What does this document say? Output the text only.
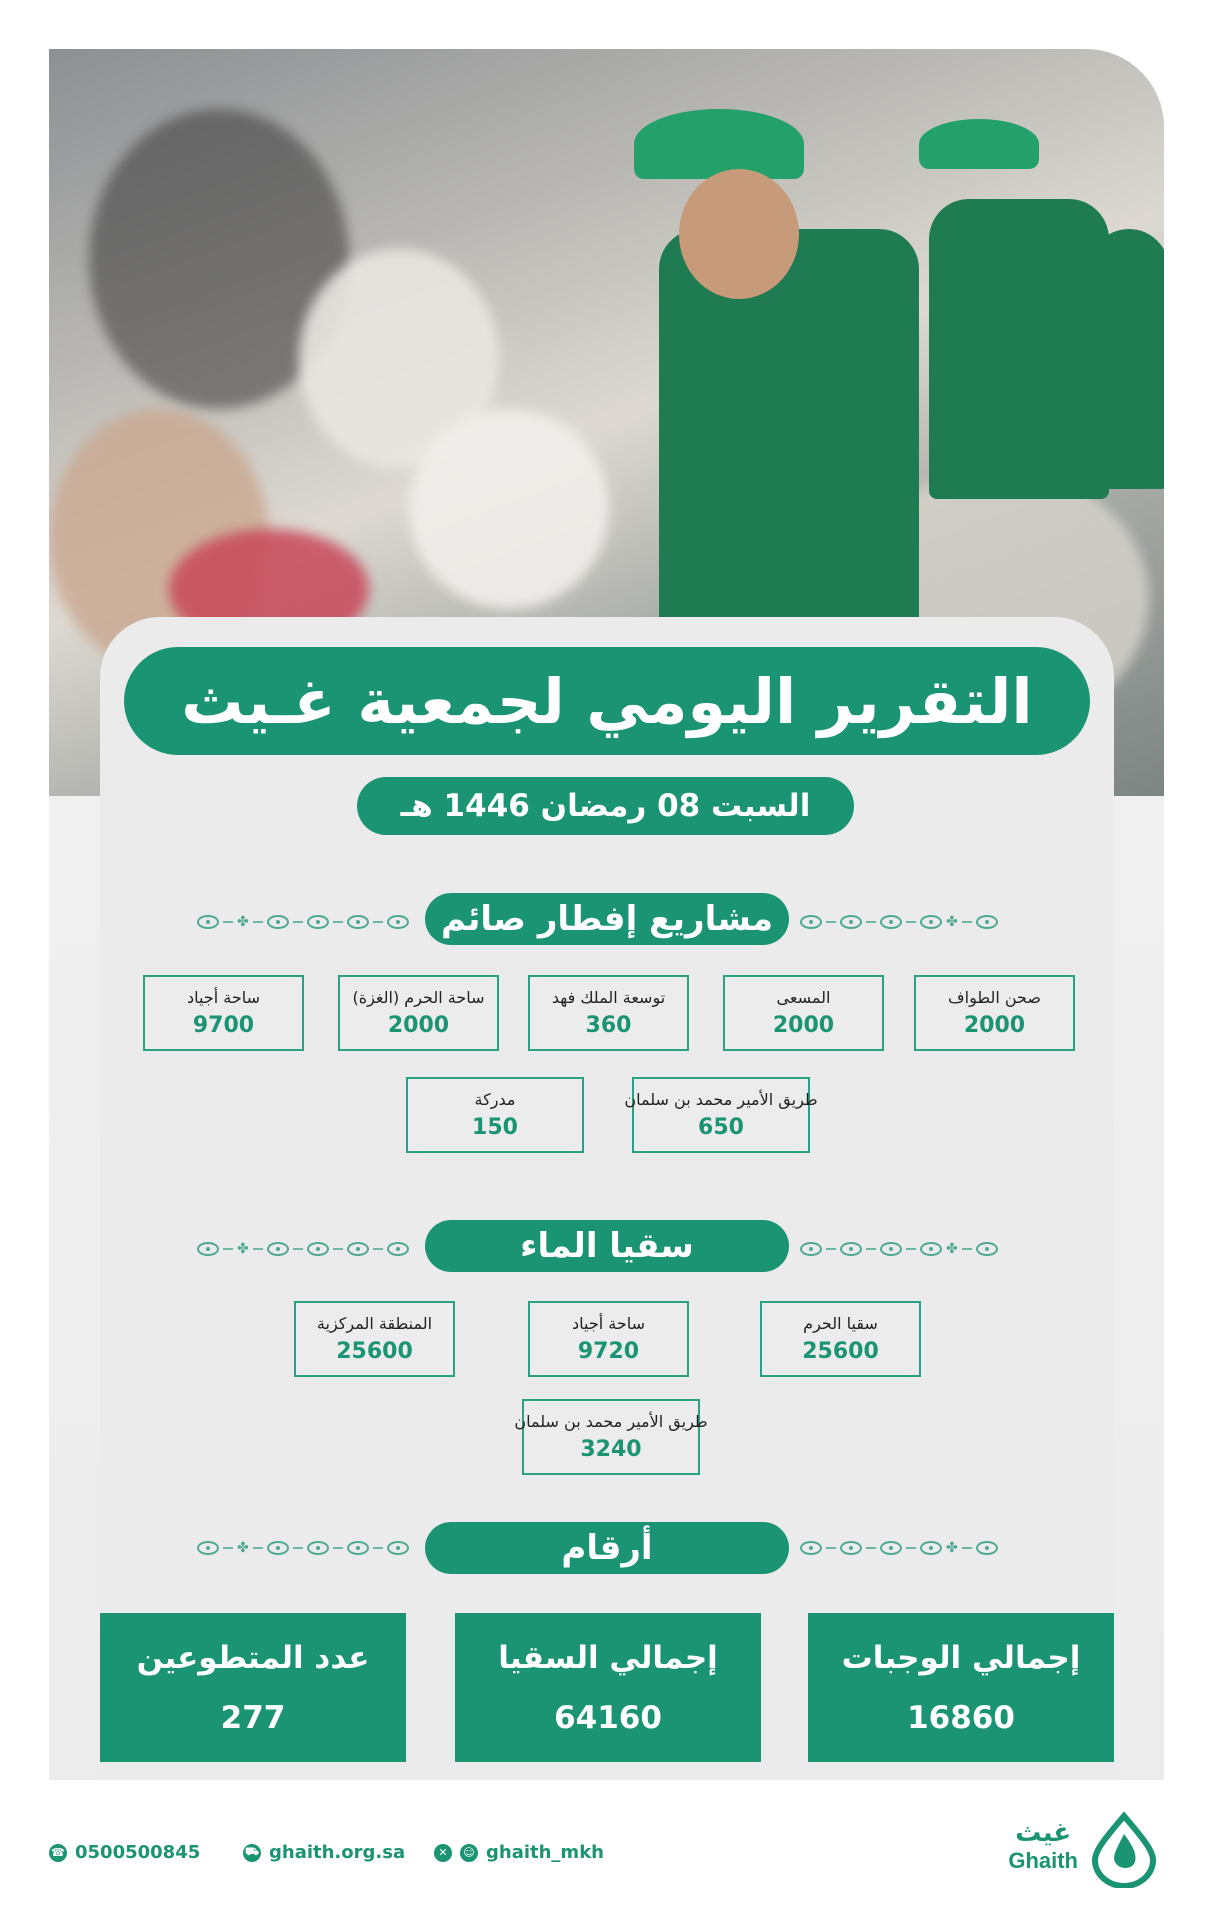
التقرير اليومي لجمعية غـيث
السبت 08 رمضان 1446 هـ
✤	مشاريع إفطار صائم	✤
صحن الطواف
2000
المسعى
2000
توسعة الملك فهد
360
ساحة الحرم (الغزة)
2000
ساحة أجياد
9700
طريق الأمير محمد بن سلمان
650
مدركة
150
✤	سقيا الماء	✤
سقيا الحرم
25600
ساحة أجياد
9720
المنطقة المركزية
25600
طريق الأمير محمد بن سلمان
3240
✤	أرقام	✤
إجمالي الوجبات
16860
إجمالي السقيا
64160
عدد المتطوعين
277
☎ 0500500845	⛟ ghaith.org.sa	✕	☺ ghaith_mkh
غيث
Ghaith
